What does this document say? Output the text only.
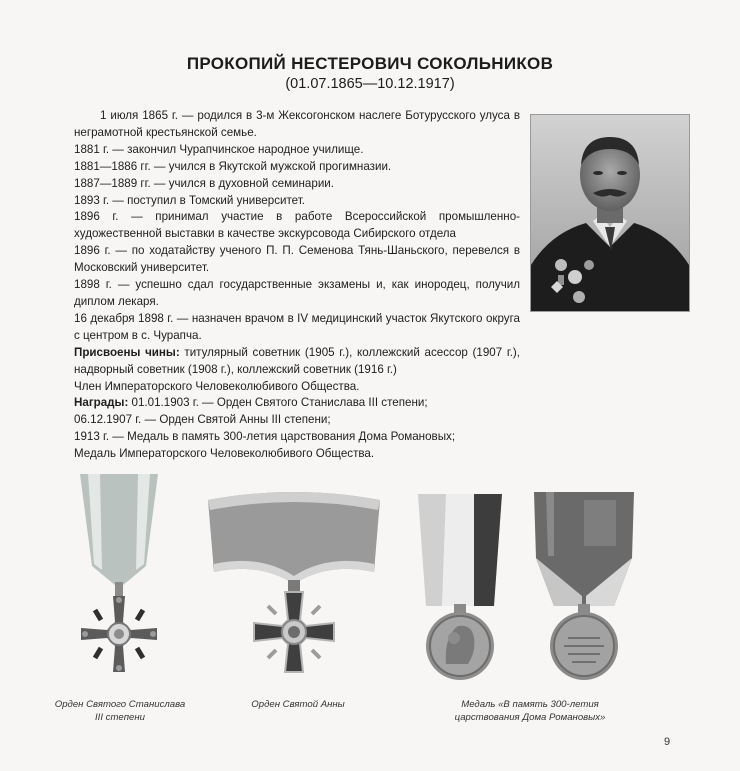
ПРОКОПИЙ НЕСТЕРОВИЧ СОКОЛЬНИКОВ
(01.07.1865—10.12.1917)

1 июля 1865 г. — родился в 3-м Жексогонском наслеге Ботурусского улуса в неграмотной крестьянской семье.

1881 г. — закончил Чурапчинское народное училище.

1881—1886 гг. — учился в Якутской мужской прогимназии.

1887—1889 гг. — учился в духовной семинарии.

1893 г. — поступил в Томский университет.

1896 г. — принимал участие в работе Всероссийской промышленно-художественной выставки в качестве экскурсовода Сибирского отдела

1896 г. — по ходатайству ученого П. П. Семенова Тянь-Шаньского, перевелся в Московский университет.

1898 г. — успешно сдал государственные экзамены и, как инородец, получил диплом лекаря.

16 декабря 1898 г. — назначен врачом в IV медицинский участок Якутского округа с центром в с. Чурапча.

Присвоены чины: титулярный советник (1905 г.), коллежский асессор (1907 г.), надворный советник (1908 г.), коллежский советник (1916 г.)

Член Императорского Человеколюбивого Общества.

Награды: 01.01.1903 г. — Орден Святого Станислава III степени;

06.12.1907 г. — Орден Святой Анны III степени;

1913 г. — Медаль в память 300-летия царствования Дома Романовых;

Медаль Императорского Человеколюбивого Общества.

Орден Святого Станислава
III степени
Орден Святой Анны	Медаль «В память 300-летия
царствования Дома Романовых»
9
